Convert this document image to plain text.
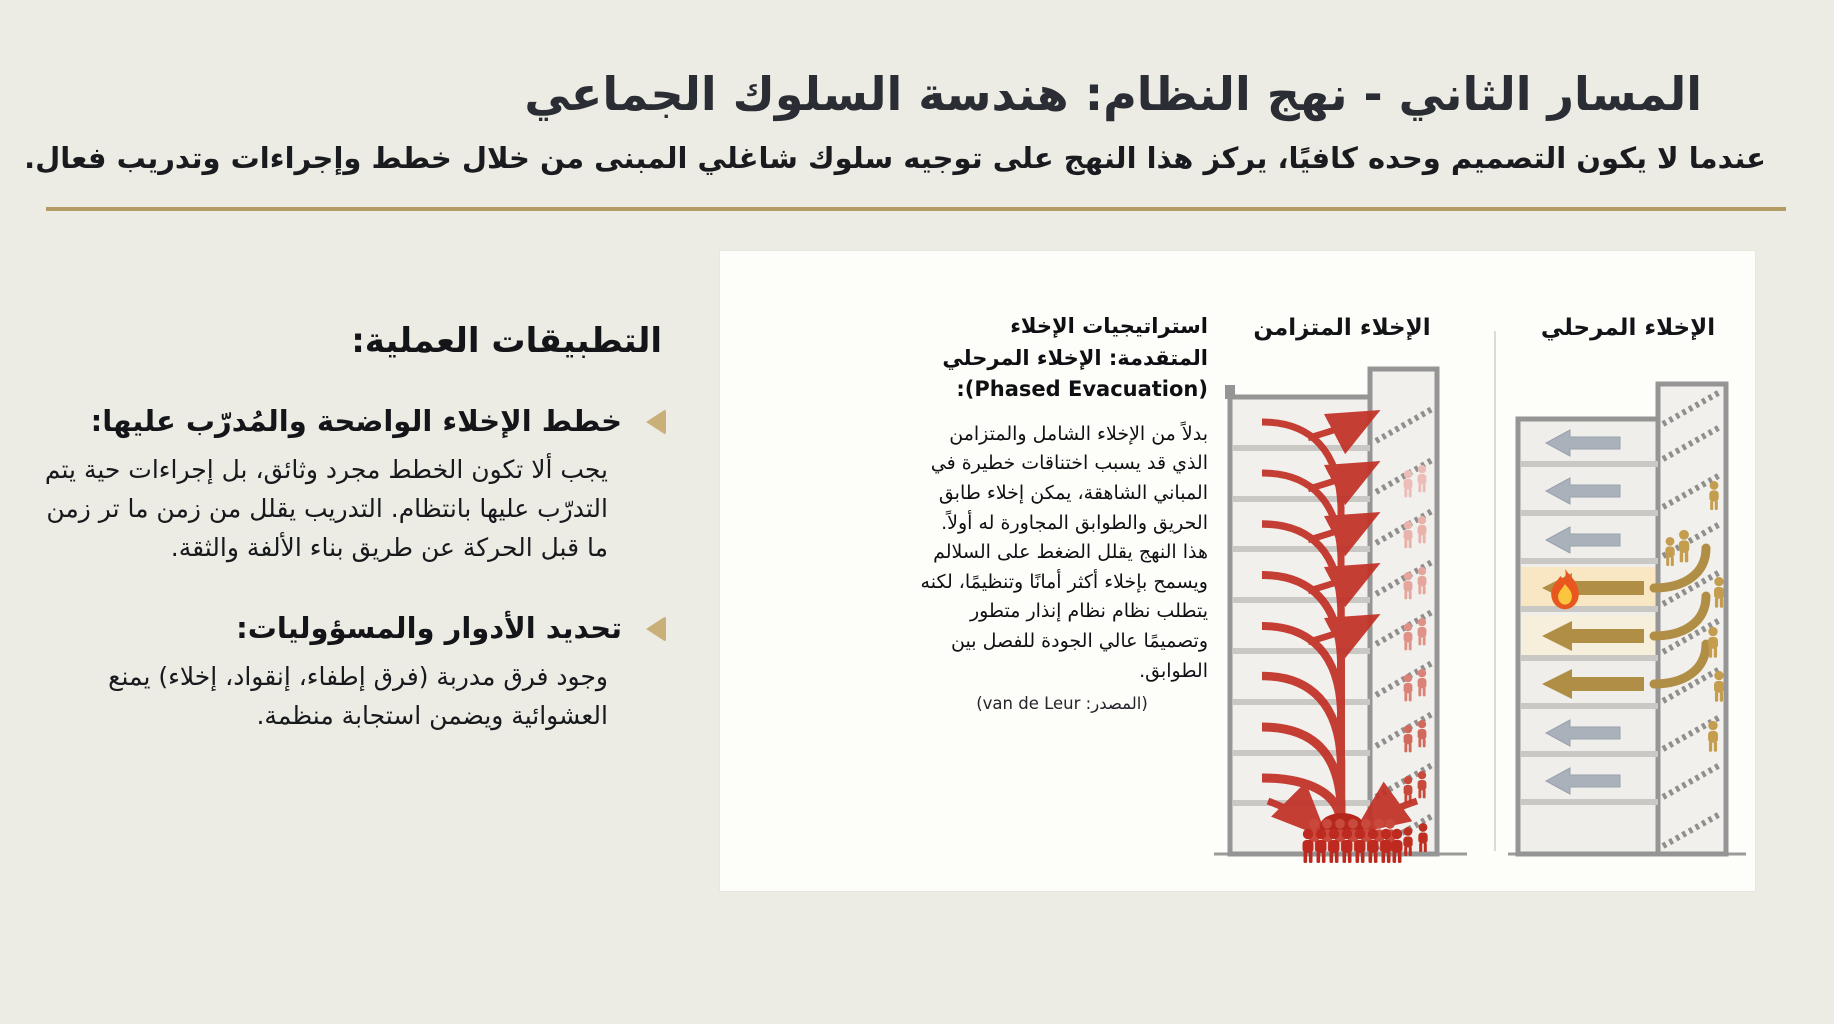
المسار الثاني - نهج النظام: هندسة السلوك الجماعي

عندما لا يكون التصميم وحده كافيًا، يركز هذا النهج على توجيه سلوك شاغلي المبنى من خلال خطط وإجراءات وتدريب فعال.

التطبيقات العملية:
خطط الإخلاء الواضحة والمُدرّب عليها:

يجب ألا تكون الخطط مجرد وثائق، بل إجراءات حية يتم التدرّب عليها بانتظام. التدريب يقلل من زمن ما تر زمن ما قبل الحركة عن طريق بناء الألفة والثقة.

تحديد الأدوار والمسؤوليات:

وجود فرق مدربة (فرق إطفاء، إنقواد، إخلاء) يمنع العشوائية ويضمن استجابة منظمة.

استراتيجيات الإخلاء المتقدمة: الإخلاء المرحلي (Phased Evacuation):

بدلاً من الإخلاء الشامل والمتزامن الذي قد يسبب اختناقات خطيرة في المباني الشاهقة، يمكن إخلاء طابق الحريق والطوابق المجاورة له أولاً. هذا النهج يقلل الضغط على السلالم ويسمح بإخلاء أكثر أمانًا وتنظيمًا، لكنه يتطلب نظام نظام إنذار متطور وتصميمًا عالي الجودة للفصل بين الطوابق.

(المصدر: van de Leur)

الإخلاء المتزامن	الإخلاء المرحلي
